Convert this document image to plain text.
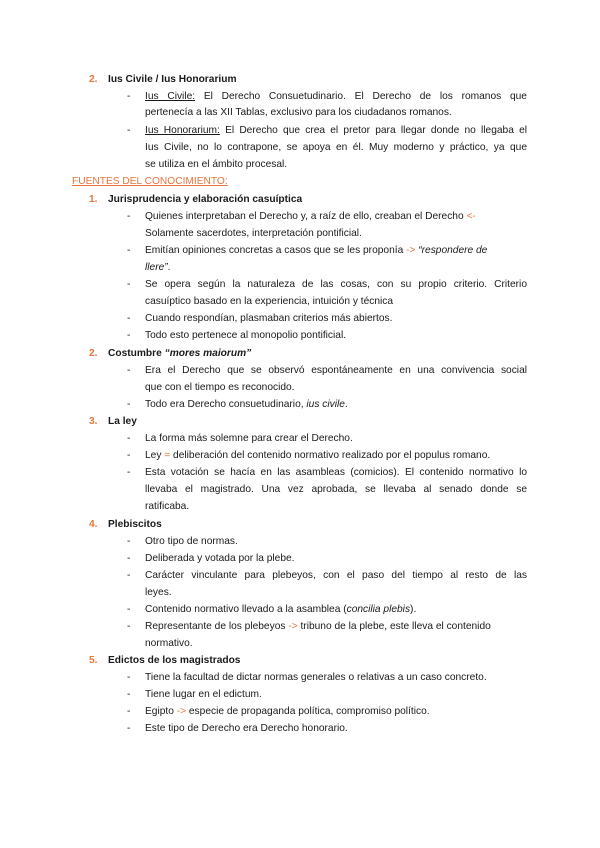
2. Ius Civile / Ius Honorarium
- Ius Civile: El Derecho Consuetudinario. El Derecho de los romanos que
pertenecía a las XII Tablas, exclusivo para los ciudadanos romanos.
- Ius Honorarium: El Derecho que crea el pretor para llegar donde no llegaba el
Ius Civile, no lo contrapone, se apoya en él. Muy moderno y práctico, ya que
se utiliza en el ámbito procesal.
FUENTES DEL CONOCIMIENTO:
1. Jurisprudencia y elaboración casuíptica
- Quienes interpretaban el Derecho y, a raíz de ello, creaban el Derecho <-
Solamente sacerdotes, interpretación pontificial.
- Emitían opiniones concretas a casos que se les proponía -> “respondere de
llere”.
- Se opera según la naturaleza de las cosas, con su propio criterio. Criterio
casuíptico basado en la experiencia, intuición y técnica
- Cuando respondían, plasmaban criterios más abiertos.
- Todo esto pertenece al monopolio pontificial.
2. Costumbre “mores maiorum”
- Era el Derecho que se observó espontáneamente en una convivencia social
que con el tiempo es reconocido.
- Todo era Derecho consuetudinario, ius civile.
3. La ley
- La forma más solemne para crear el Derecho.
- Ley = deliberación del contenido normativo realizado por el populus romano.
- Esta votación se hacía en las asambleas (comicios). El contenido normativo lo
llevaba el magistrado. Una vez aprobada, se llevaba al senado donde se
ratificaba.
4. Plebiscitos
- Otro tipo de normas.
- Deliberada y votada por la plebe.
- Carácter vinculante para plebeyos, con el paso del tiempo al resto de las
leyes.
- Contenido normativo llevado a la asamblea (concilia plebis).
- Representante de los plebeyos -> tribuno de la plebe, este lleva el contenido
normativo.
5. Edictos de los magistrados
- Tiene la facultad de dictar normas generales o relativas a un caso concreto.
- Tiene lugar en el edictum.
- Egipto -> especie de propaganda política, compromiso político.
- Este tipo de Derecho era Derecho honorario.
